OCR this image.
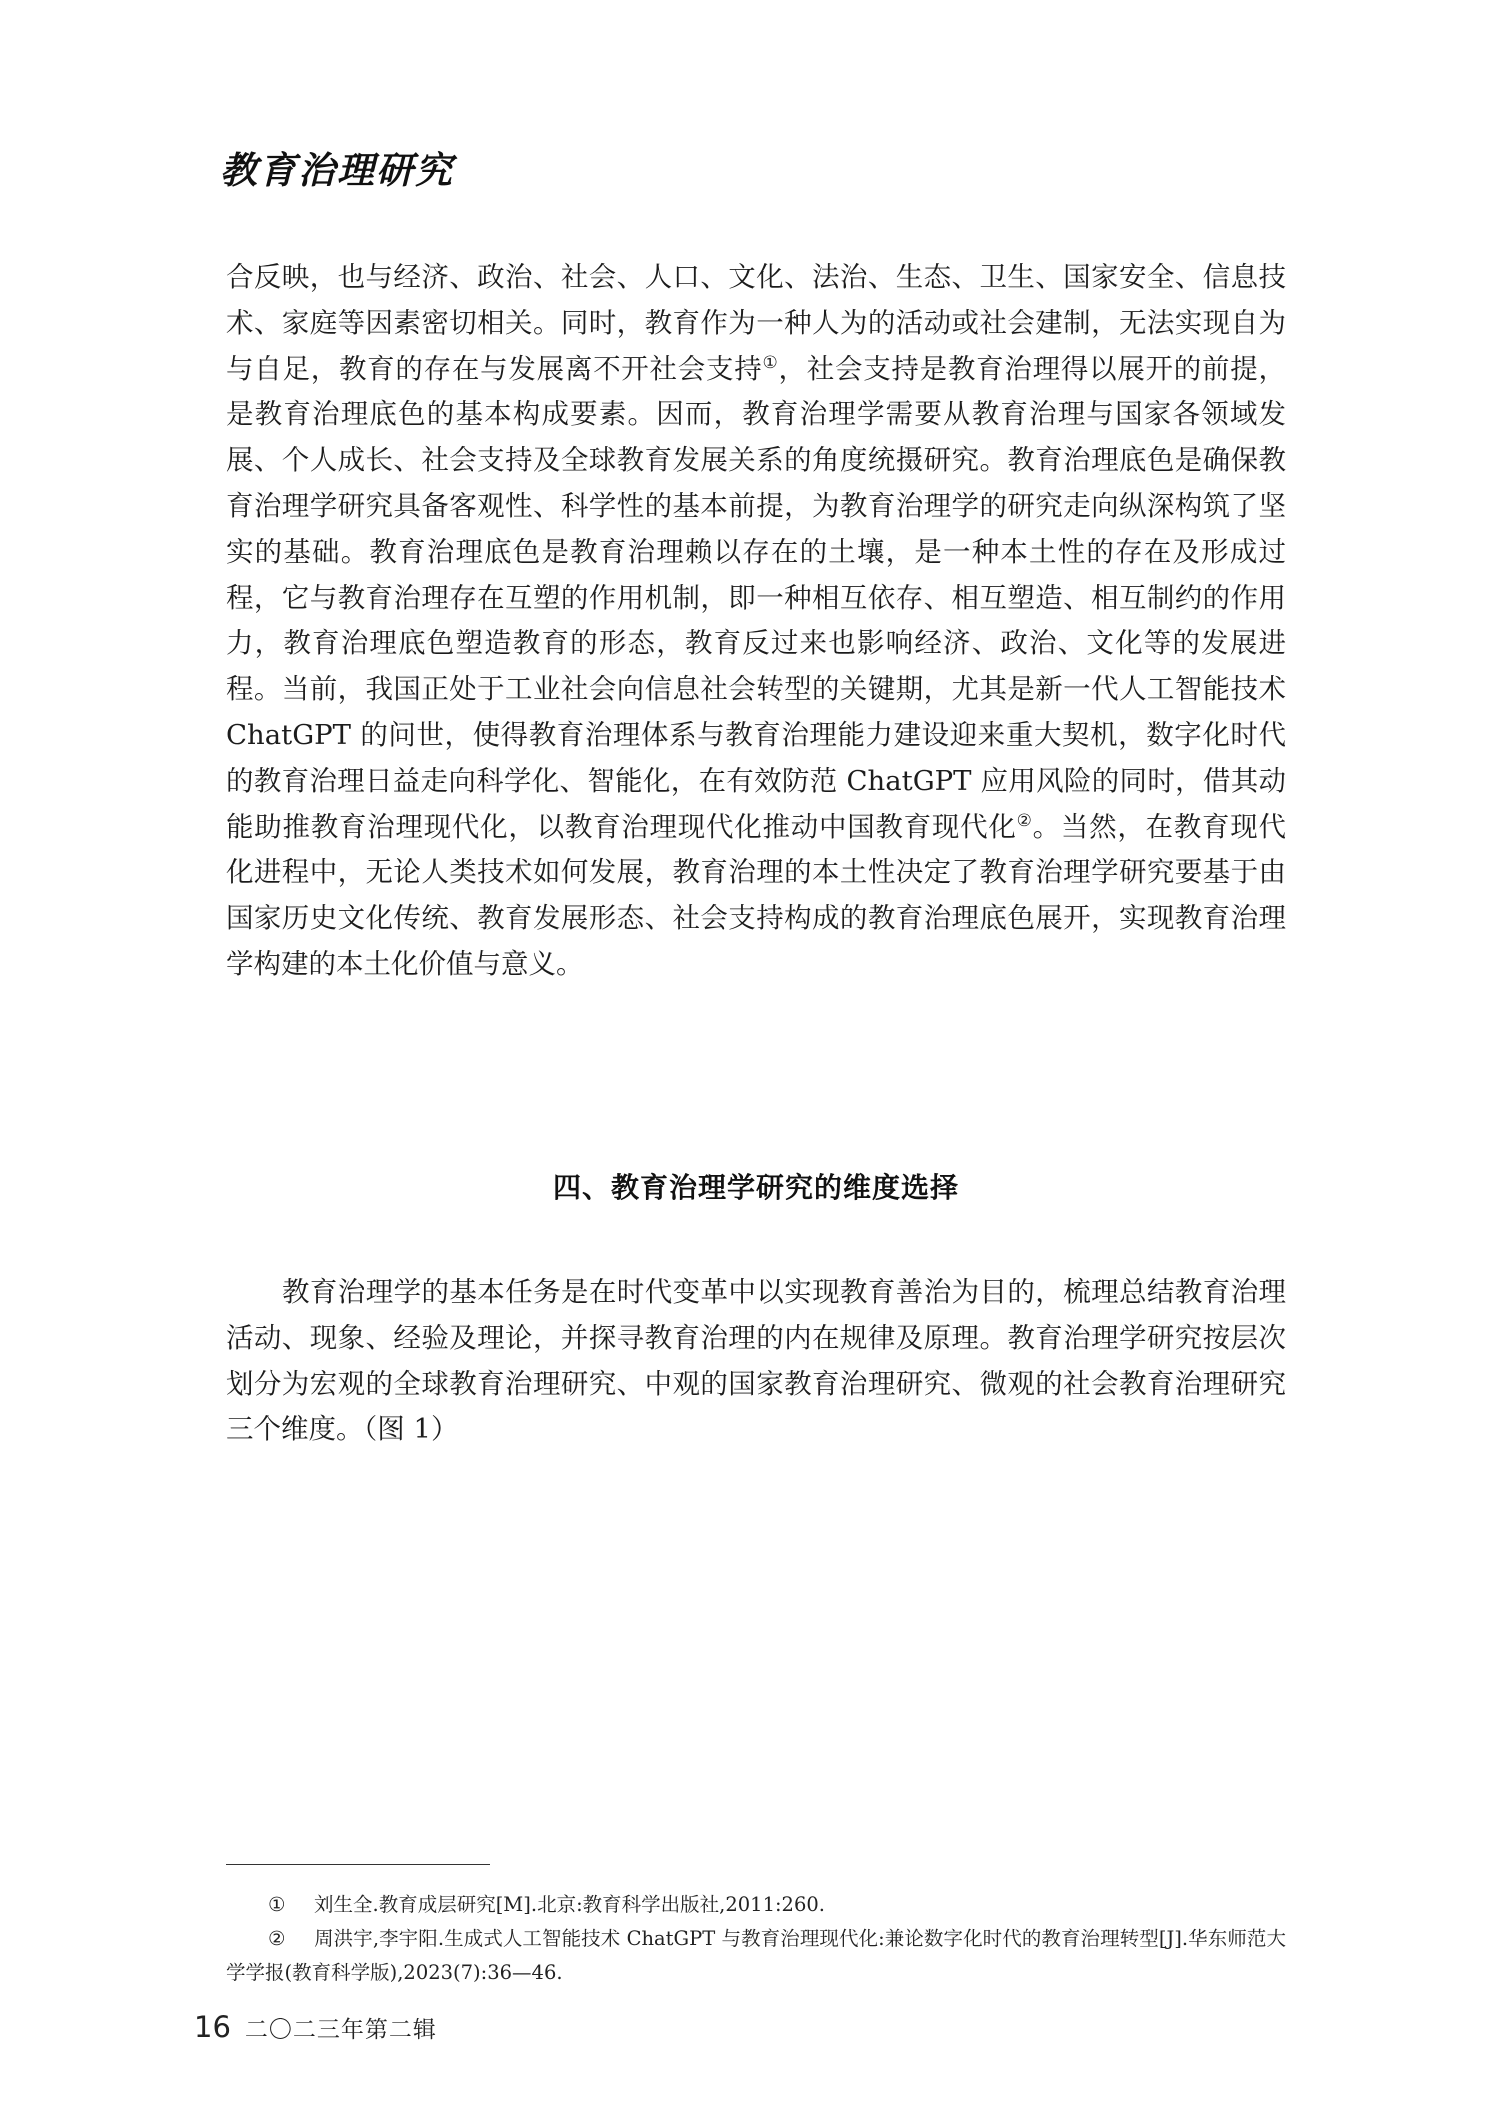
教育治理研究
合反映，也与经济、政治、社会、人口、文化、法治、生态、卫生、国家安全、信息技术、家庭等因素密切相关。同时，教育作为一种人为的活动或社会建制，无法实现自为与自足，教育的存在与发展离不开社会支持①，社会支持是教育治理得以展开的前提，是教育治理底色的基本构成要素。因而，教育治理学需要从教育治理与国家各领域发展、个人成长、社会支持及全球教育发展关系的角度统摄研究。教育治理底色是确保教育治理学研究具备客观性、科学性的基本前提，为教育治理学的研究走向纵深构筑了坚实的基础。教育治理底色是教育治理赖以存在的土壤，是一种本土性的存在及形成过程，它与教育治理存在互塑的作用机制，即一种相互依存、相互塑造、相互制约的作用力，教育治理底色塑造教育的形态，教育反过来也影响经济、政治、文化等的发展进程。当前，我国正处于工业社会向信息社会转型的关键期，尤其是新一代人工智能技术 ChatGPT 的问世，使得教育治理体系与教育治理能力建设迎来重大契机，数字化时代的教育治理日益走向科学化、智能化，在有效防范 ChatGPT 应用风险的同时，借其动能助推教育治理现代化，以教育治理现代化推动中国教育现代化②。当然，在教育现代化进程中，无论人类技术如何发展，教育治理的本土性决定了教育治理学研究要基于由国家历史文化传统、教育发展形态、社会支持构成的教育治理底色展开，实现教育治理学构建的本土化价值与意义。
四、教育治理学研究的维度选择
教育治理学的基本任务是在时代变革中以实现教育善治为目的，梳理总结教育治理活动、现象、经验及理论，并探寻教育治理的内在规律及原理。教育治理学研究按层次划分为宏观的全球教育治理研究、中观的国家教育治理研究、微观的社会教育治理研究三个维度。（图 1）
① 刘生全.教育成层研究[M].北京:教育科学出版社,2011:260.
② 周洪宇,李宇阳.生成式人工智能技术 ChatGPT 与教育治理现代化:兼论数字化时代的教育治理转型[J].华东师范大学学报(教育科学版),2023(7):36—46.
16 二〇二三年第二辑
